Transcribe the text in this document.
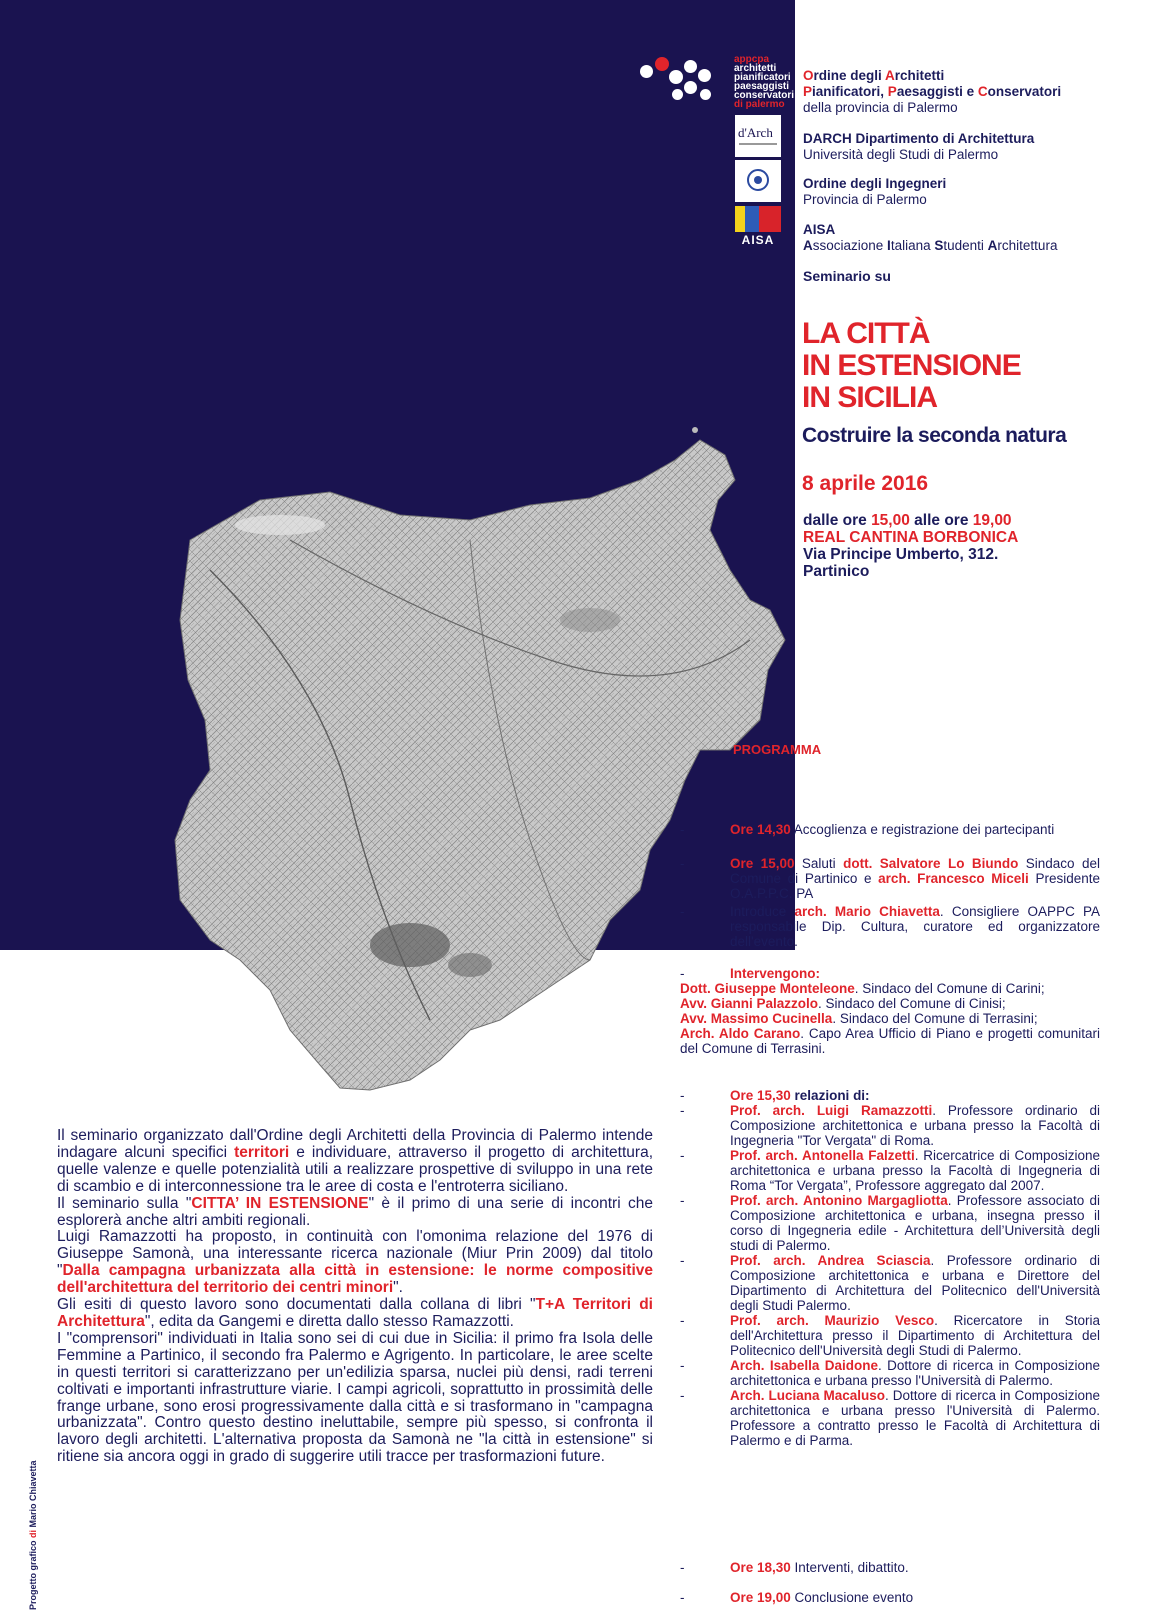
appcpa
architetti
pianificatori
paesaggisti
conservatori
di palermo
d'Arch
AISA
Ordine degli Architetti
Pianificatori, Paesaggisti e Conservatori
della provincia di Palermo
DARCH Dipartimento di Architettura
Università degli Studi di Palermo
Ordine degli Ingegneri
Provincia di Palermo
AISA
Associazione Italiana Studenti Architettura
Seminario su
LA CITTÀ
IN ESTENSIONE
IN SICILIA
Costruire la seconda natura
8 aprile 2016
dalle ore 15,00 alle ore 19,00
REAL CANTINA BORBONICA
Via Principe Umberto, 312.
Partinico
PROGRAMMA
-	Ore 14,30 Accoglienza e registrazione dei partecipanti
-	Ore 15,00 Saluti dott. Salvatore Lo Biundo Sindaco del Comune di Partinico e arch. Francesco Miceli Presidente O.A.P.P.C. PA
-	Introduce arch. Mario Chiavetta. Consigliere OAPPC PA responsabile Dip. Cultura, curatore ed organizzatore dell'evento.
-	Intervengono:
Dott. Giuseppe Monteleone. Sindaco del Comune di Carini;
Avv. Gianni Palazzolo. Sindaco del Comune di Cinisi;
Avv. Massimo Cucinella. Sindaco del Comune di Terrasini;
Arch. Aldo Carano. Capo Area Ufficio di Piano e progetti comunitari del Comune di Terrasini.
-	Ore 15,30 relazioni di:
-	Prof. arch. Luigi Ramazzotti. Professore ordinario di Composizione architettonica e urbana presso la Facoltà di Ingegneria "Tor Vergata" di Roma.
-	Prof. arch. Antonella Falzetti. Ricercatrice di Composizione architettonica e urbana presso la Facoltà di Ingegneria di Roma “Tor Vergata”, Professore aggregato dal 2007.
-	Prof. arch. Antonino Margagliotta. Professore associato di Composizione architettonica e urbana, insegna presso il corso di Ingegneria edile - Architettura dell’Università degli studi di Palermo.
-	Prof. arch. Andrea Sciascia. Professore ordinario di Composizione architettonica e urbana e Direttore del Dipartimento di Architettura del Politecnico dell'Università degli Studi Palermo.
-	Prof. arch. Maurizio Vesco. Ricercatore in Storia dell'Architettura presso il Dipartimento di Architettura del Politecnico dell'Università degli Studi di Palermo.
-	Arch. Isabella Daidone. Dottore di ricerca in Composizione architettonica e urbana presso l'Università di Palermo.
-	Arch. Luciana Macaluso. Dottore di ricerca in Composizione architettonica e urbana presso l'Università di Palermo. Professore a contratto presso le Facoltà di Architettura di Palermo e di Parma.
-	Ore 18,30 Interventi, dibattito.
-	Ore 19,00 Conclusione evento

Il seminario organizzato dall'Ordine degli Architetti della Provincia di Palermo intende indagare alcuni specifici territori e individuare, attraverso il progetto di architettura, quelle valenze e quelle potenzialità utili a realizzare prospettive di sviluppo in una rete di scambio e di interconnessione tra le aree di costa e l'entroterra siciliano.

Il seminario sulla "CITTA’ IN ESTENSIONE" è il primo di una serie di incontri che esplorerà anche altri ambiti regionali.

Luigi Ramazzotti ha proposto, in continuità con l'omonima relazione del 1976 di Giuseppe Samonà, una interessante ricerca nazionale (Miur Prin 2009) dal titolo "Dalla campagna urbanizzata alla città in estensione: le norme compositive dell'architettura del territorio dei centri minori".

Gli esiti di questo lavoro sono documentati dalla collana di libri "T+A Territori di Architettura", edita da Gangemi e diretta dallo stesso Ramazzotti.

I "comprensori" individuati in Italia sono sei di cui due in Sicilia: il primo fra Isola delle Femmine a Partinico, il secondo fra Palermo e Agrigento. In particolare, le aree scelte in questi territori si caratterizzano per un'edilizia sparsa, nuclei più densi, radi terreni coltivati e importanti infrastrutture viarie. I campi agricoli, soprattutto in prossimità delle frange urbane, sono erosi progressivamente dalla città e si trasformano in "campagna urbanizzata". Contro questo destino ineluttabile, sempre più spesso, si confronta il lavoro degli architetti. L'alternativa proposta da Samonà ne "la città in estensione" si ritiene sia ancora oggi in grado di suggerire utili tracce per trasformazioni future.

Progetto grafico di Mario Chiavetta
